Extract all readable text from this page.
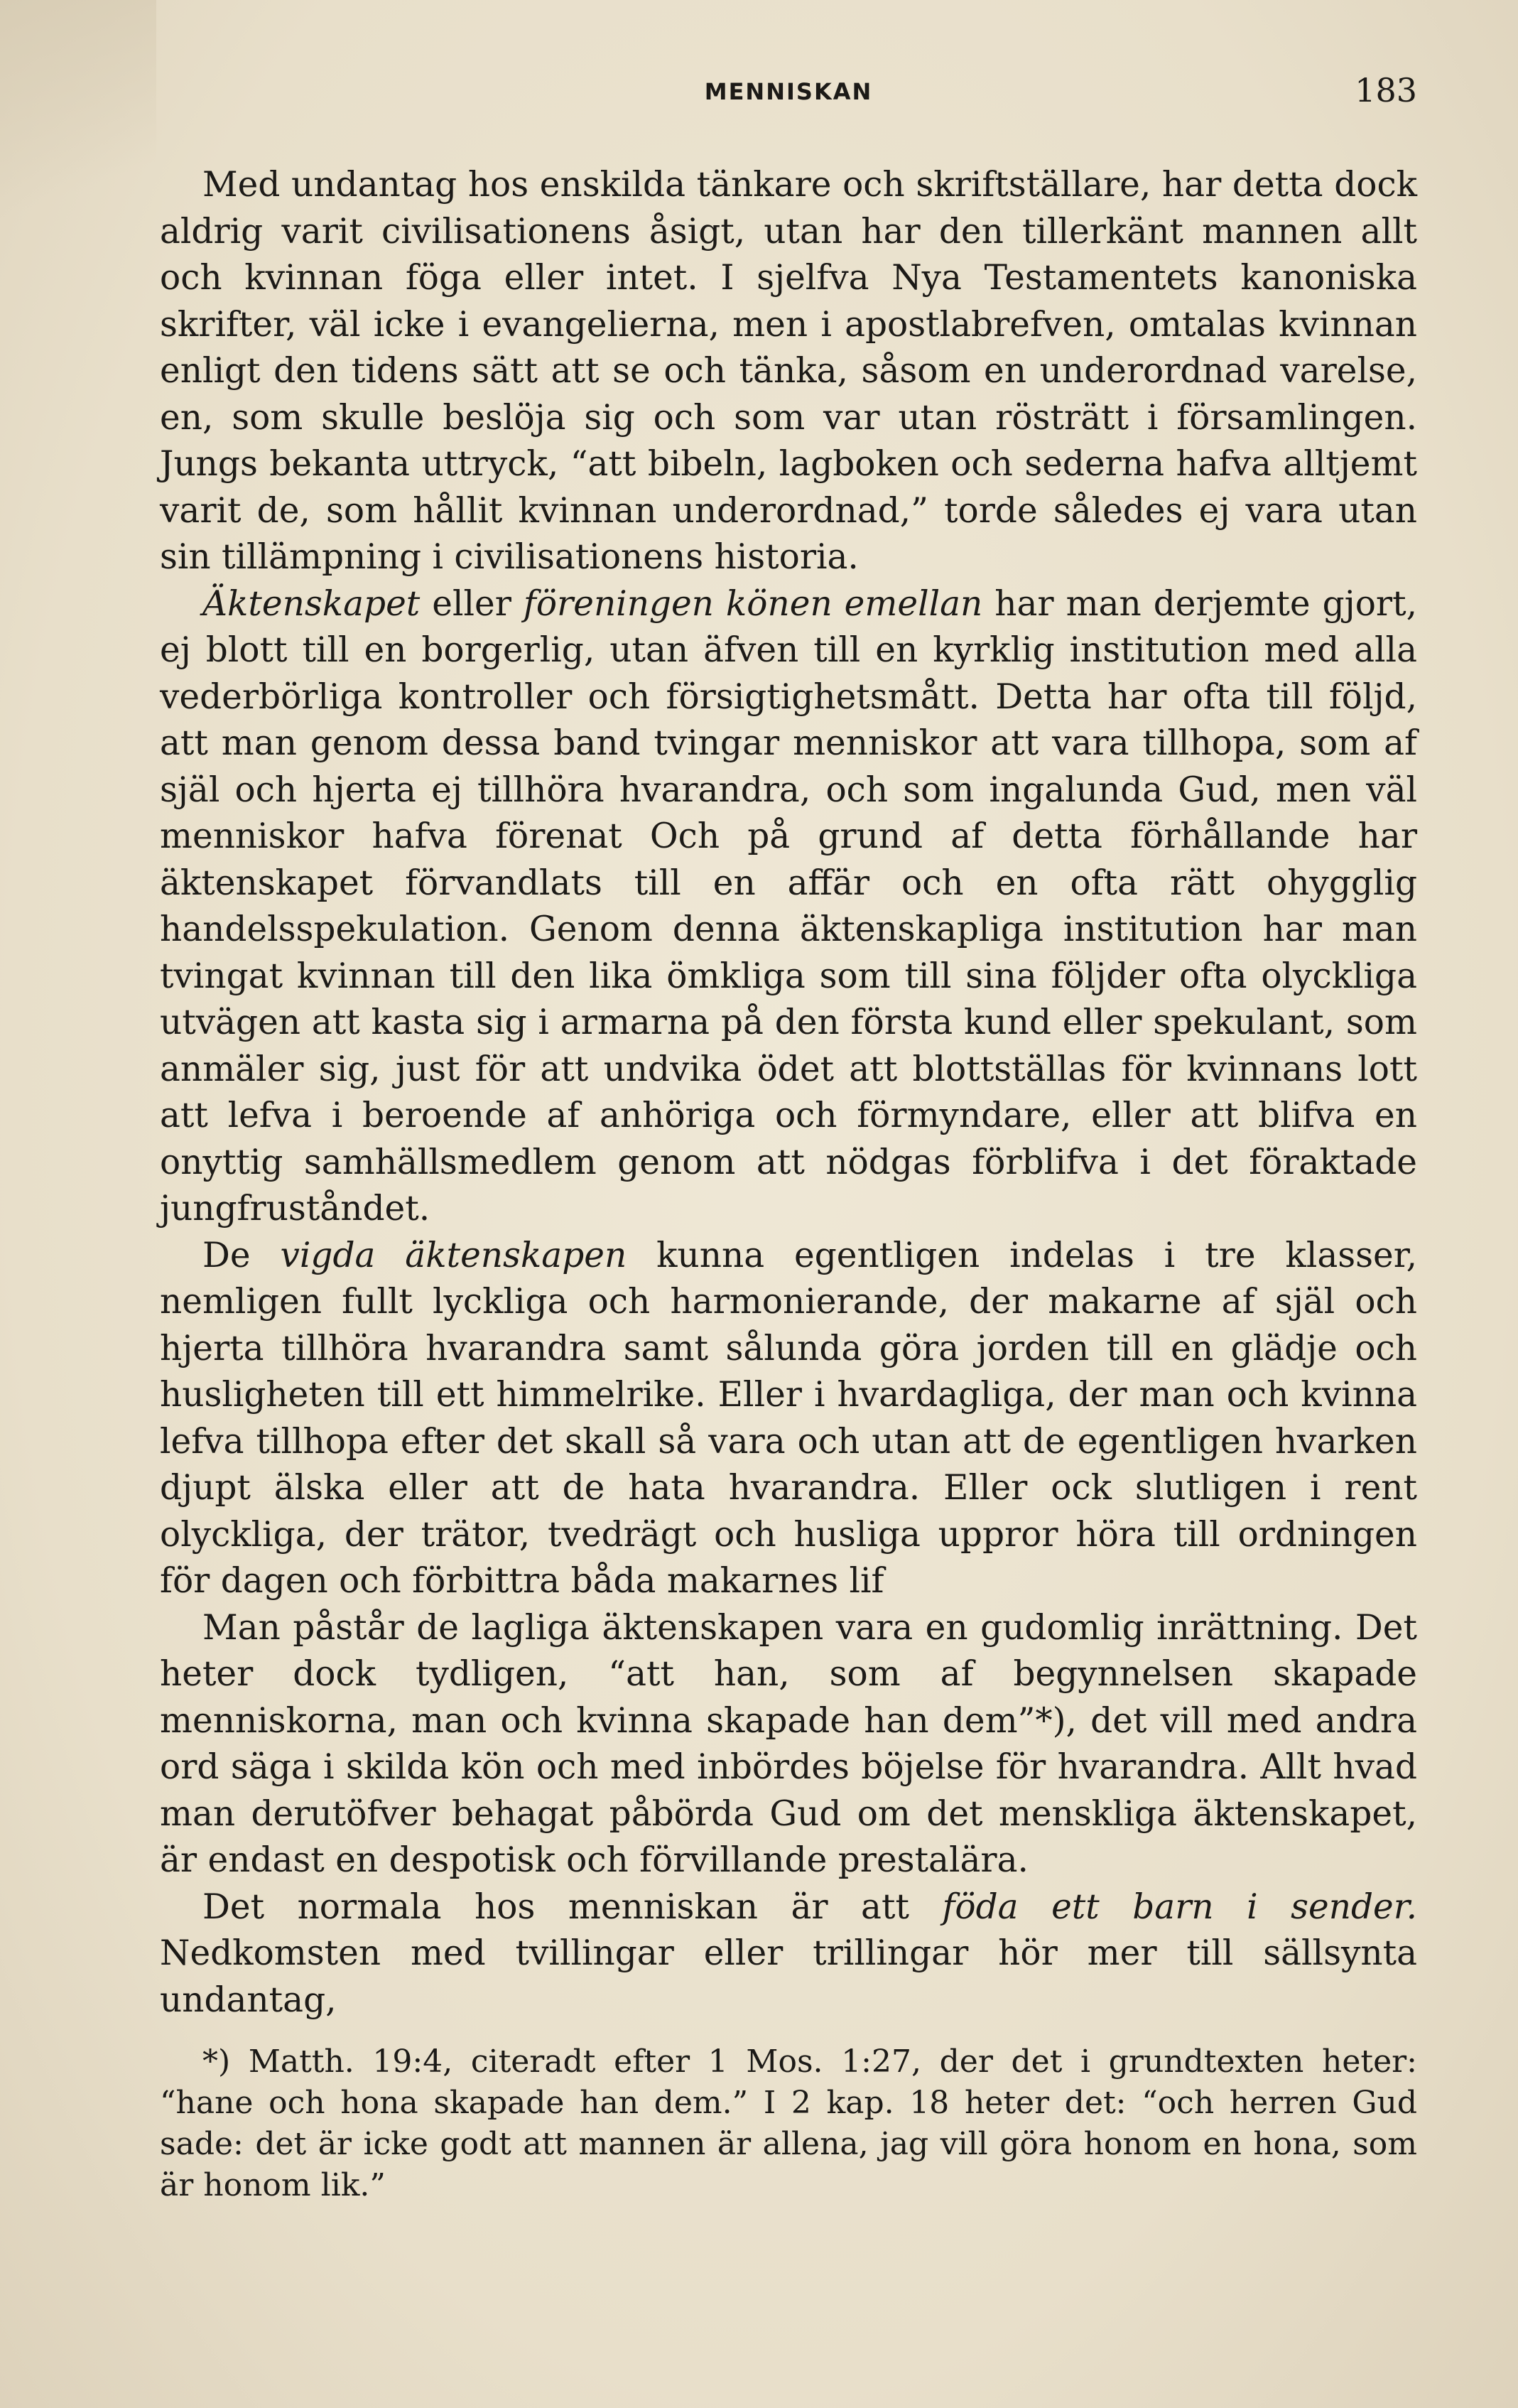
MENNISKAN	183

Med undantag hos enskilda tänkare och skriftställare, har detta dock aldrig varit civilisationens åsigt, utan har den tillerkänt mannen allt och kvinnan föga eller intet. I sjelfva Nya Testamentets kanoniska skrifter, väl icke i evangelierna, men i apostlabrefven, omtalas kvinnan enligt den tidens sätt att se och tänka, såsom en underordnad varelse, en, som skulle beslöja sig och som var utan rösträtt i församlingen. Jungs bekanta uttryck, “att bibeln, lagboken och sederna hafva alltjemt varit de, som hållit kvinnan underordnad,” torde således ej vara utan sin tillämpning i civilisationens historia.

Äktenskapet eller föreningen könen emellan har man derjemte gjort, ej blott till en borgerlig, utan äfven till en kyrklig institution med alla vederbörliga kontroller och försigtighetsmått. Detta har ofta till följd, att man genom dessa band tvingar menniskor att vara tillhopa, som af själ och hjerta ej tillhöra hvarandra, och som ingalunda Gud, men väl menniskor hafva förenat Och på grund af detta förhållande har äktenskapet förvandlats till en affär och en ofta rätt ohygglig handelsspekulation. Genom denna äktenskapliga institution har man tvingat kvinnan till den lika ömkliga som till sina följder ofta olyckliga utvägen att kasta sig i armarna på den första kund eller spekulant, som anmäler sig, just för att undvika ödet att blottställas för kvinnans lott att lefva i beroende af anhöriga och förmyndare, eller att blifva en onyttig samhällsmedlem genom att nödgas förblifva i det föraktade jungfruståndet.

De vigda äktenskapen kunna egentligen indelas i tre klasser, nemligen fullt lyckliga och harmonierande, der makarne af själ och hjerta tillhöra hvarandra samt sålunda göra jorden till en glädje och husligheten till ett himmelrike. Eller i hvardagliga, der man och kvinna lefva tillhopa efter det skall så vara och utan att de egentligen hvarken djupt älska eller att de hata hvarandra. Eller ock slutligen i rent olyckliga, der trätor, tvedrägt och husliga uppror höra till ordningen för dagen och förbittra båda makarnes lif

Man påstår de lagliga äktenskapen vara en gudomlig inrättning. Det heter dock tydligen, “att han, som af begynnelsen skapade menniskorna, man och kvinna skapade han dem”*), det vill med andra ord säga i skilda kön och med inbördes böjelse för hvarandra. Allt hvad man derutöfver behagat påbörda Gud om det menskliga äktenskapet, är endast en despotisk och förvillande prestalära.

Det normala hos menniskan är att föda ett barn i sender. Nedkomsten med tvillingar eller trillingar hör mer till sällsynta undantag,

*) Matth. 19:4, citeradt efter 1 Mos. 1:27, der det i grundtexten heter: “hane och hona skapade han dem.” I 2 kap. 18 heter det: “och herren Gud sade: det är icke godt att mannen är allena, jag vill göra honom en hona, som är honom lik.”
